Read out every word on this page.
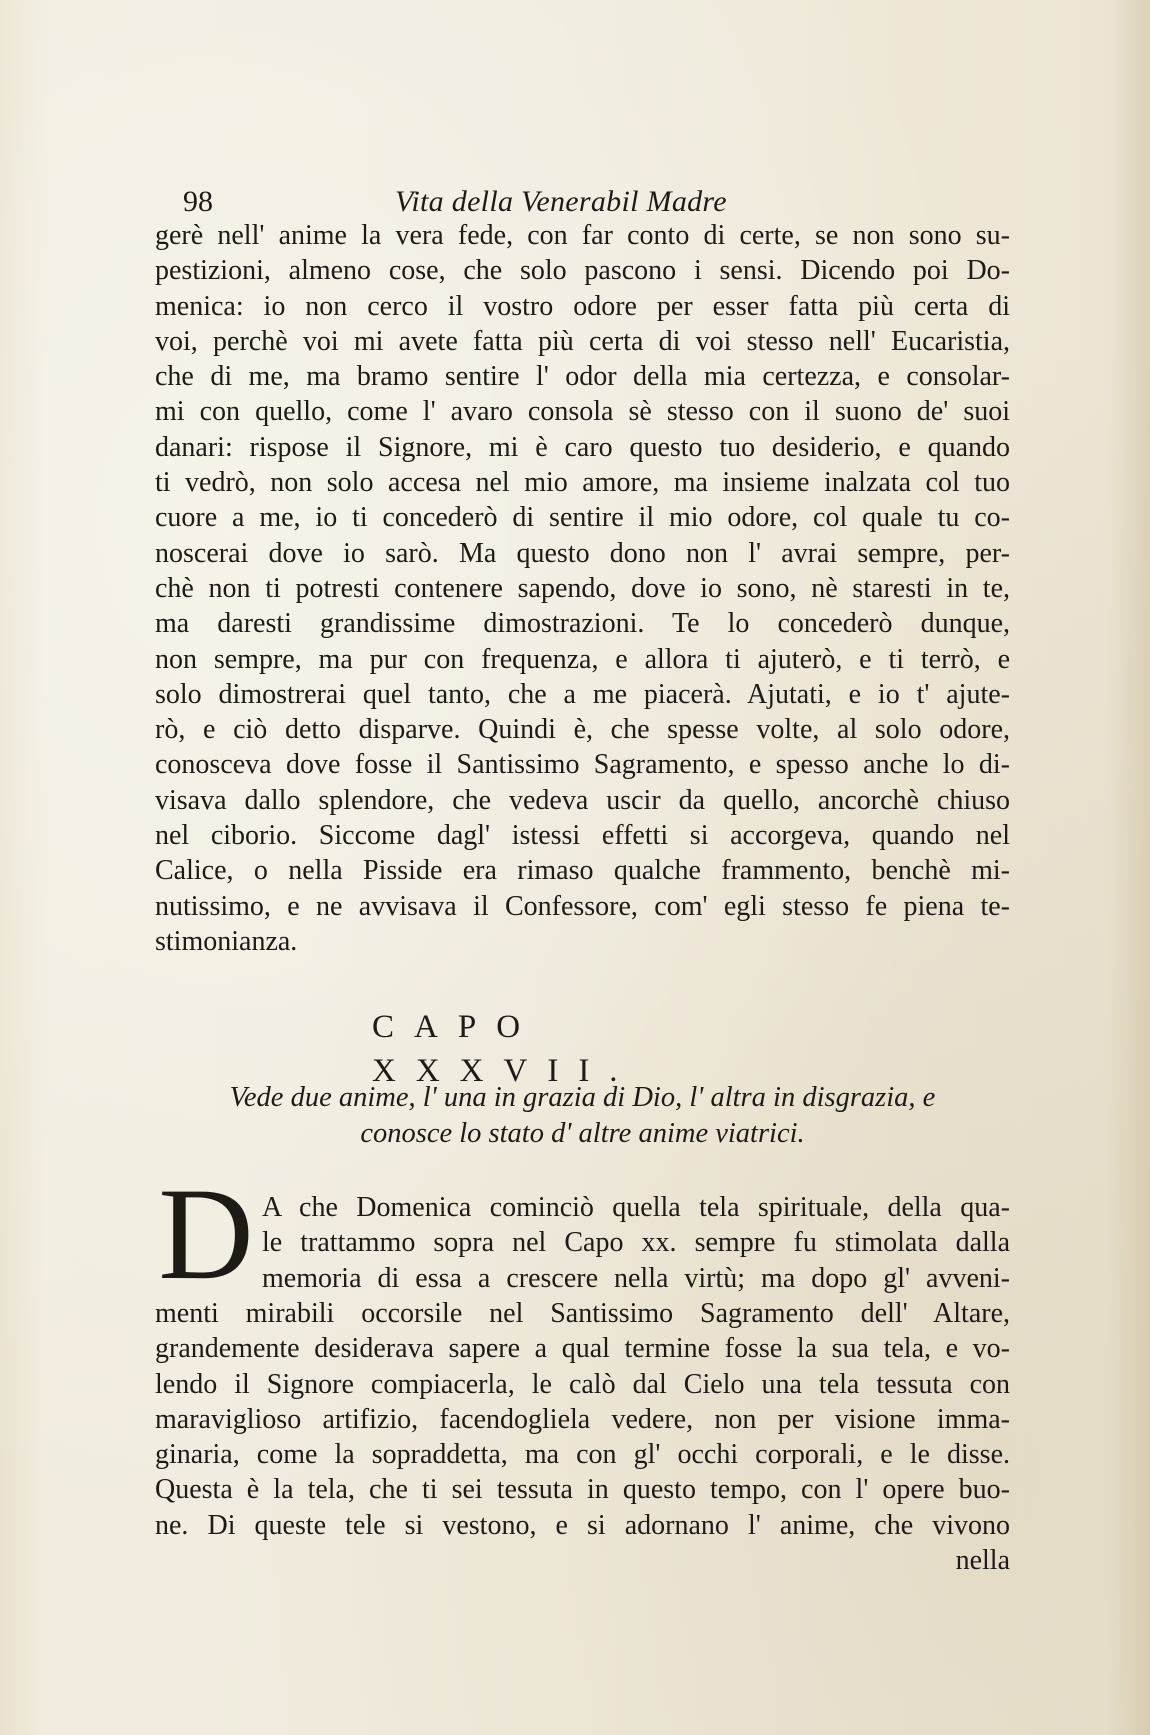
98	Vita della Venerabil Madre
gerè nell' anime la vera fede, con far conto di certe, se non sono su-
pestizioni, almeno cose, che solo pascono i sensi. Dicendo poi Do-
menica: io non cerco il vostro odore per esser fatta più certa di
voi, perchè voi mi avete fatta più certa di voi stesso nell' Eucaristia,
che di me, ma bramo sentire l' odor della mia certezza, e consolar-
mi con quello, come l' avaro consola sè stesso con il suono de' suoi
danari: rispose il Signore, mi è caro questo tuo desiderio, e quando
ti vedrò, non solo accesa nel mio amore, ma insieme inalzata col tuo
cuore a me, io ti concederò di sentire il mio odore, col quale tu co-
noscerai dove io sarò. Ma questo dono non l' avrai sempre, per-
chè non ti potresti contenere sapendo, dove io sono, nè staresti in te,
ma daresti grandissime dimostrazioni. Te lo concederò dunque,
non sempre, ma pur con frequenza, e allora ti ajuterò, e ti terrò, e
solo dimostrerai quel tanto, che a me piacerà. Ajutati, e io t' ajute-
rò, e ciò detto disparve. Quindi è, che spesse volte, al solo odore,
conosceva dove fosse il Santissimo Sagramento, e spesso anche lo di-
visava dallo splendore, che vedeva uscir da quello, ancorchè chiuso
nel ciborio. Siccome dagl' istessi effetti si accorgeva, quando nel
Calice, o nella Pisside era rimaso qualche frammento, benchè mi-
nutissimo, e ne avvisava il Confessore, com' egli stesso fe piena te-
stimonianza.
CAPO XXXVII.
Vede due anime, l' una in grazia di Dio, l' altra in disgrazia, e
conosce lo stato d' altre anime viatrici.
D A che Domenica cominciò quella tela spirituale, della qua-
le trattammo sopra nel Capo xx. sempre fu stimolata dalla
memoria di essa a crescere nella virtù; ma dopo gl' avveni-
menti mirabili occorsile nel Santissimo Sagramento dell' Altare,
grandemente desiderava sapere a qual termine fosse la sua tela, e vo-
lendo il Signore compiacerla, le calò dal Cielo una tela tessuta con
maraviglioso artifizio, facendogliela vedere, non per visione imma-
ginaria, come la sopraddetta, ma con gl' occhi corporali, e le disse.
Questa è la tela, che ti sei tessuta in questo tempo, con l' opere buo-
ne. Di queste tele si vestono, e si adornano l' anime, che vivono
nella
